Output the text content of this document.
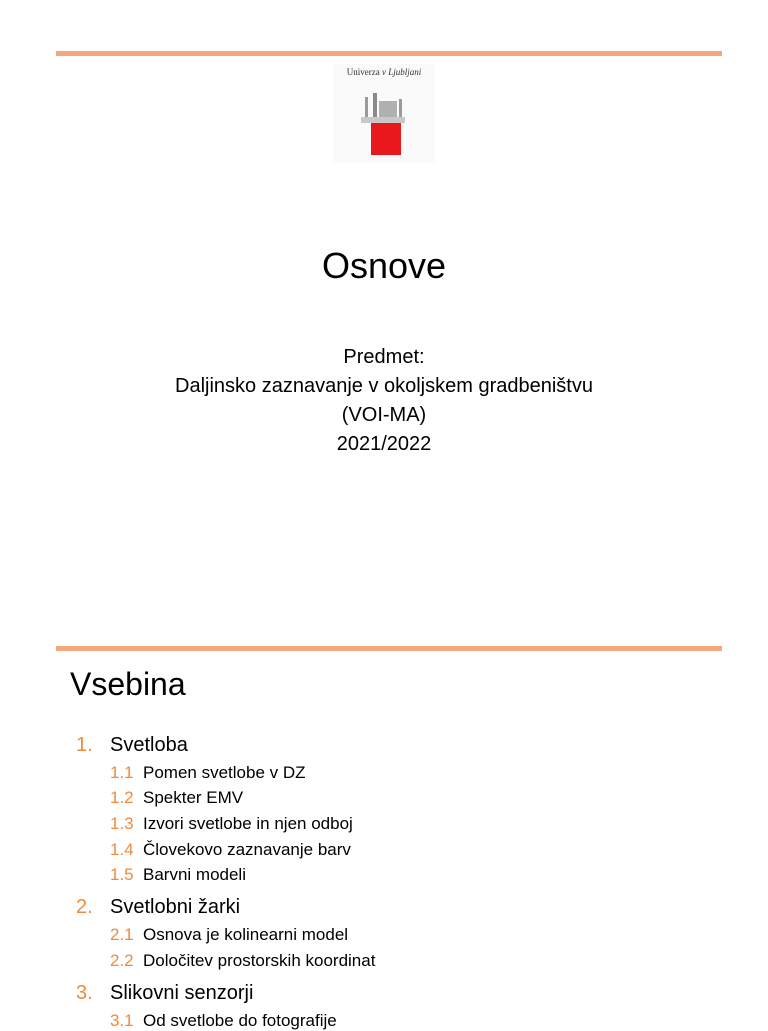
Univerza v Ljubljani
Osnove
Predmet:
Daljinsko zaznavanje v okoljskem gradbeništvu
(VOI-MA)
2021/2022
Vsebina
1. Svetloba
1.1 Pomen svetlobe v DZ
1.2 Spekter EMV
1.3 Izvori svetlobe in njen odboj
1.4 Človekovo zaznavanje barv
1.5 Barvni modeli
2. Svetlobni žarki
2.1 Osnova je kolinearni model
2.2 Določitev prostorskih koordinat
3. Slikovni senzorji
3.1 Od svetlobe do fotografije
